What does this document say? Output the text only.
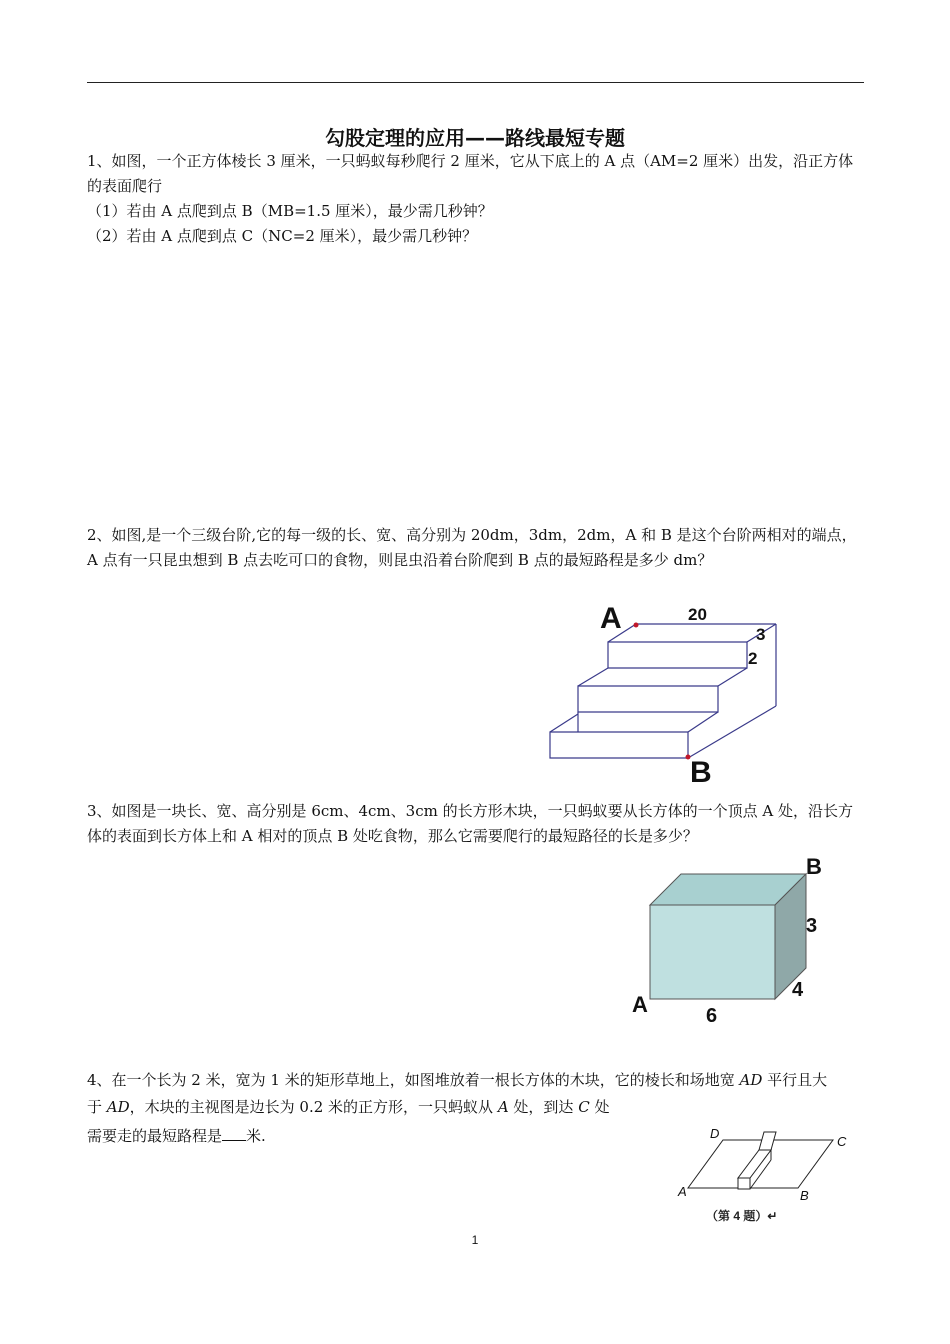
勾股定理的应用——路线最短专题
1、如图，一个正方体棱长 3 厘米，一只蚂蚁每秒爬行 2 厘米，它从下底上的 A 点（AM=2 厘米）出发，沿正方体
的表面爬行
（1）若由 A 点爬到点 B（MB=1.5 厘米），最少需几秒钟？
（2）若由 A 点爬到点 C（NC=2 厘米），最少需几秒钟？
2、如图,是一个三级台阶,它的每一级的长、宽、高分别为 20dm，3dm，2dm，A 和 B 是这个台阶两相对的端点，
A 点有一只昆虫想到 B 点去吃可口的食物，则昆虫沿着台阶爬到 B 点的最短路程是多少 dm？
A
B
20
3
2
3、如图是一块长、宽、高分别是 6cm、4cm、3cm 的长方形木块，一只蚂蚁要从长方体的一个顶点 A 处，沿长方
体的表面到长方体上和 A 相对的顶点 B 处吃食物，那么它需要爬行的最短路径的长是多少？
A
B
3
4
6
4、在一个长为 2 米，宽为 1 米的矩形草地上，如图堆放着一根长方体的木块，它的棱长和场地宽 AD 平行且大
于 AD，木块的主视图是边长为 0.2 米的正方形，一只蚂蚁从 A 处，到达 C 处
需要走的最短路程是 米.
A	B
C
D
（第 4 题）↵
1
